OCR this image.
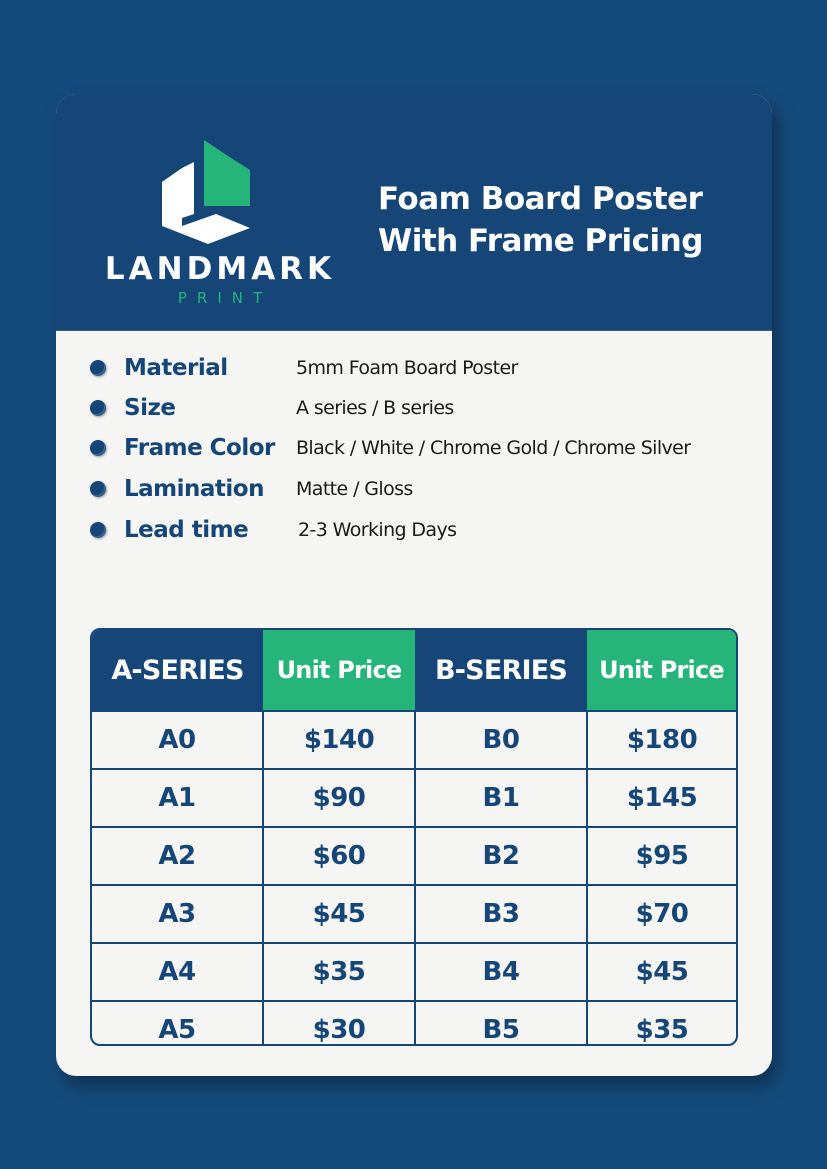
LANDMARK
PRINT
Foam Board Poster
With Frame Pricing
Material	5mm Foam Board Poster
Size	A series / B series
Frame Color Black / White / Chrome Gold / Chrome Silver
Lamination Matte / Gloss
Lead time	2-3 Working Days
A-SERIES	Unit Price	B-SERIES	Unit Price
A0	$140	B0	$180
A1	$90	B1	$145
A2	$60	B2	$95
A3	$45	B3	$70
A4	$35	B4	$45
A5	$30	B5	$35
